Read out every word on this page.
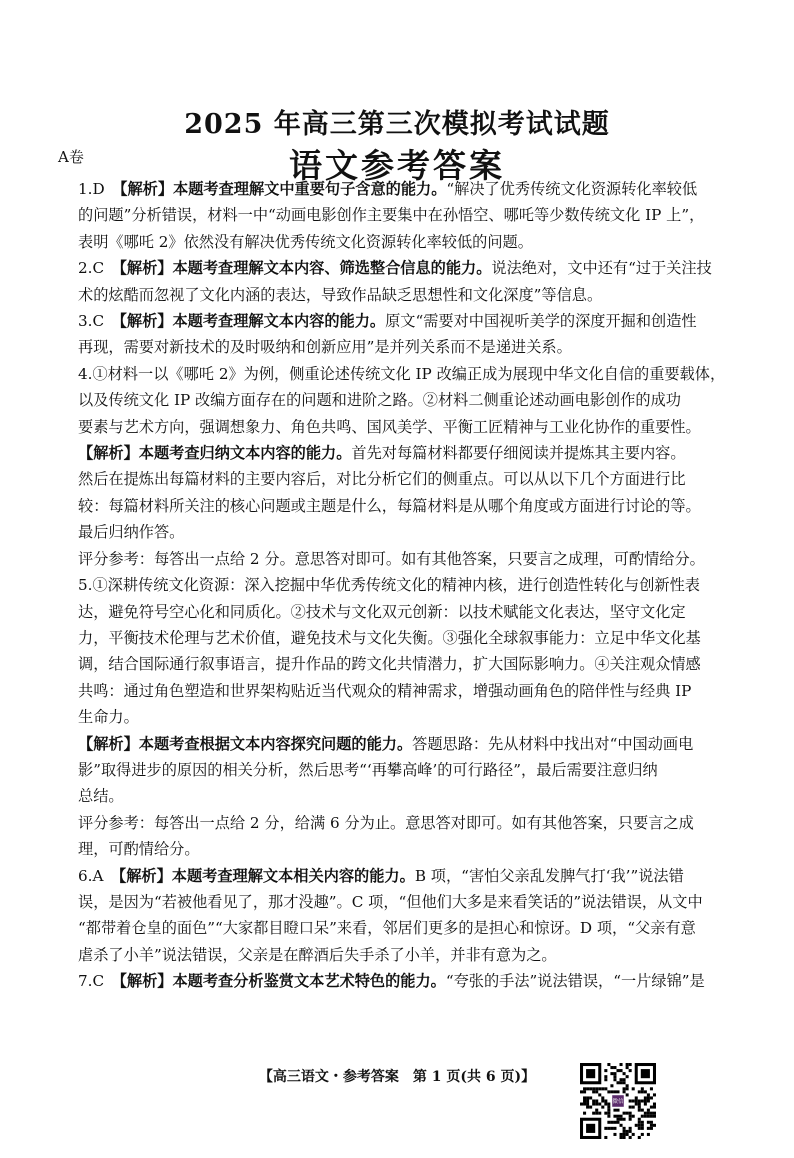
A卷
2025 年高三第三次模拟考试试题
语文参考答案
1.D　【解析】本题考查理解文中重要句子含意的能力。“解决了优秀传统文化资源转化率较低
的问题”分析错误，材料一中“动画电影创作主要集中在孙悟空、哪吒等少数传统文化 IP 上”，
表明《哪吒 2》依然没有解决优秀传统文化资源转化率较低的问题。
2.C　【解析】本题考查理解文本内容、筛选整合信息的能力。说法绝对，文中还有“过于关注技
术的炫酷而忽视了文化内涵的表达，导致作品缺乏思想性和文化深度”等信息。
3.C　【解析】本题考查理解文本内容的能力。原文“需要对中国视听美学的深度开掘和创造性
再现，需要对新技术的及时吸纳和创新应用”是并列关系而不是递进关系。
4.①材料一以《哪吒 2》为例，侧重论述传统文化 IP 改编正成为展现中华文化自信的重要载体，
以及传统文化 IP 改编方面存在的问题和进阶之路。②材料二侧重论述动画电影创作的成功
要素与艺术方向，强调想象力、角色共鸣、国风美学、平衡工匠精神与工业化协作的重要性。
【解析】本题考查归纳文本内容的能力。首先对每篇材料都要仔细阅读并提炼其主要内容。
然后在提炼出每篇材料的主要内容后，对比分析它们的侧重点。可以从以下几个方面进行比
较：每篇材料所关注的核心问题或主题是什么，每篇材料是从哪个角度或方面进行讨论的等。
最后归纳作答。
评分参考：每答出一点给 2 分。意思答对即可。如有其他答案，只要言之成理，可酌情给分。
5.①深耕传统文化资源：深入挖掘中华优秀传统文化的精神内核，进行创造性转化与创新性表
达，避免符号空心化和同质化。②技术与文化双元创新：以技术赋能文化表达，坚守文化定
力，平衡技术伦理与艺术价值，避免技术与文化失衡。③强化全球叙事能力：立足中华文化基
调，结合国际通行叙事语言，提升作品的跨文化共情潜力，扩大国际影响力。④关注观众情感
共鸣：通过角色塑造和世界架构贴近当代观众的精神需求，增强动画角色的陪伴性与经典 IP
生命力。
【解析】本题考查根据文本内容探究问题的能力。答题思路：先从材料中找出对“中国动画电
影”取得进步的原因的相关分析，然后思考“‘再攀高峰’的可行路径”，最后需要注意归纳
总结。
评分参考：每答出一点给 2 分，给满 6 分为止。意思答对即可。如有其他答案，只要言之成
理，可酌情给分。
6.A　【解析】本题考查理解文本相关内容的能力。B 项，“害怕父亲乱发脾气打‘我’”说法错
误，是因为“若被他看见了，那才没趣”。C 项，“但他们大多是来看笑话的”说法错误，从文中
“都带着仓皇的面色”“大家都目瞪口呆”来看，邻居们更多的是担心和惊讶。D 项，“父亲有意
虐杀了小羊”说法错误，父亲是在醉酒后失手杀了小羊，并非有意为之。
7.C　【解析】本题考查分析鉴赏文本艺术特色的能力。“夸张的手法”说法错误，“一片绿锦”是
【高三语文・参考答案　第 1 页(共 6 页)】
微信
